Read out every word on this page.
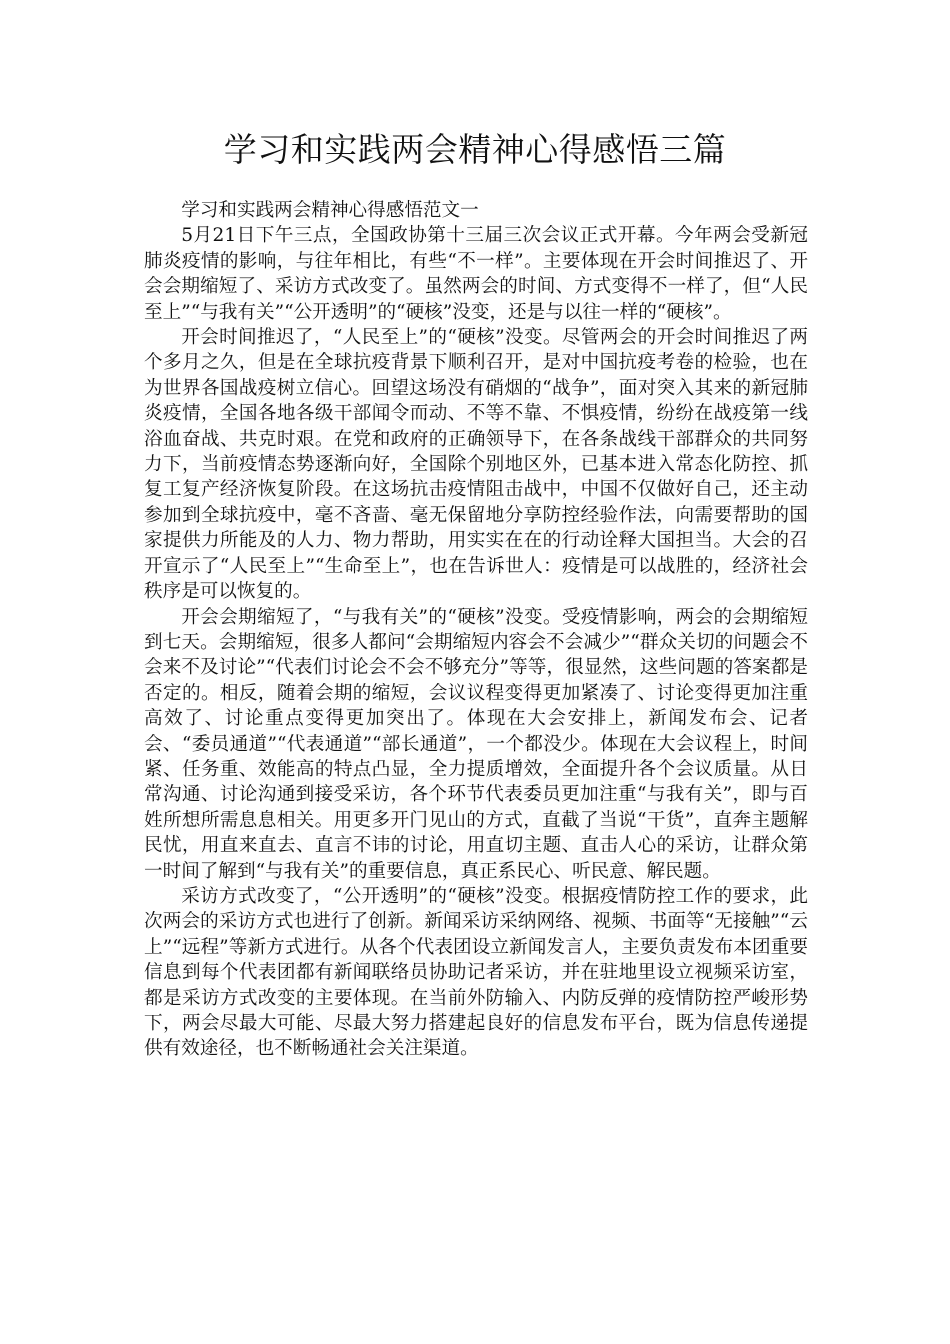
学习和实践两会精神心得感悟三篇

学习和实践两会精神心得感悟范文一

5月21日下午三点，全国政协第十三届三次会议正式开幕。今年两会受新冠肺炎疫情的影响，与往年相比，有些“不一样”。主要体现在开会时间推迟了、开会会期缩短了、采访方式改变了。虽然两会的时间、方式变得不一样了，但“人民至上”“与我有关”“公开透明”的“硬核”没变，还是与以往一样的“硬核”。

开会时间推迟了，“人民至上”的“硬核”没变。尽管两会的开会时间推迟了两个多月之久，但是在全球抗疫背景下顺利召开，是对中国抗疫考卷的检验，也在为世界各国战疫树立信心。回望这场没有硝烟的“战争”，面对突入其来的新冠肺炎疫情，全国各地各级干部闻令而动、不等不靠、不惧疫情，纷纷在战疫第一线浴血奋战、共克时艰。在党和政府的正确领导下，在各条战线干部群众的共同努力下，当前疫情态势逐渐向好，全国除个别地区外，已基本进入常态化防控、抓复工复产经济恢复阶段。在这场抗击疫情阻击战中，中国不仅做好自己，还主动参加到全球抗疫中，毫不吝啬、毫无保留地分享防控经验作法，向需要帮助的国家提供力所能及的人力、物力帮助，用实实在在的行动诠释大国担当。大会的召开宣示了“人民至上”“生命至上”，也在告诉世人：疫情是可以战胜的，经济社会秩序是可以恢复的。

开会会期缩短了，“与我有关”的“硬核”没变。受疫情影响，两会的会期缩短到七天。会期缩短，很多人都问“会期缩短内容会不会减少”“群众关切的问题会不会来不及讨论”“代表们讨论会不会不够充分”等等，很显然，这些问题的答案都是否定的。相反，随着会期的缩短，会议议程变得更加紧凑了、讨论变得更加注重高效了、讨论重点变得更加突出了。体现在大会安排上，新闻发布会、记者会、“委员通道”“代表通道”“部长通道”，一个都没少。体现在大会议程上，时间紧、任务重、效能高的特点凸显，全力提质增效，全面提升各个会议质量。从日常沟通、讨论沟通到接受采访，各个环节代表委员更加注重“与我有关”，即与百姓所想所需息息相关。用更多开门见山的方式，直截了当说“干货”，直奔主题解民忧，用直来直去、直言不讳的讨论，用直切主题、直击人心的采访，让群众第一时间了解到“与我有关”的重要信息，真正系民心、听民意、解民题。

采访方式改变了，“公开透明”的“硬核”没变。根据疫情防控工作的要求，此次两会的采访方式也进行了创新。新闻采访采纳网络、视频、书面等“无接触”“云上”“远程”等新方式进行。从各个代表团设立新闻发言人，主要负责发布本团重要信息到每个代表团都有新闻联络员协助记者采访，并在驻地里设立视频采访室，都是采访方式改变的主要体现。在当前外防输入、内防反弹的疫情防控严峻形势下，两会尽最大可能、尽最大努力搭建起良好的信息发布平台，既为信息传递提供有效途径，也不断畅通社会关注渠道。
